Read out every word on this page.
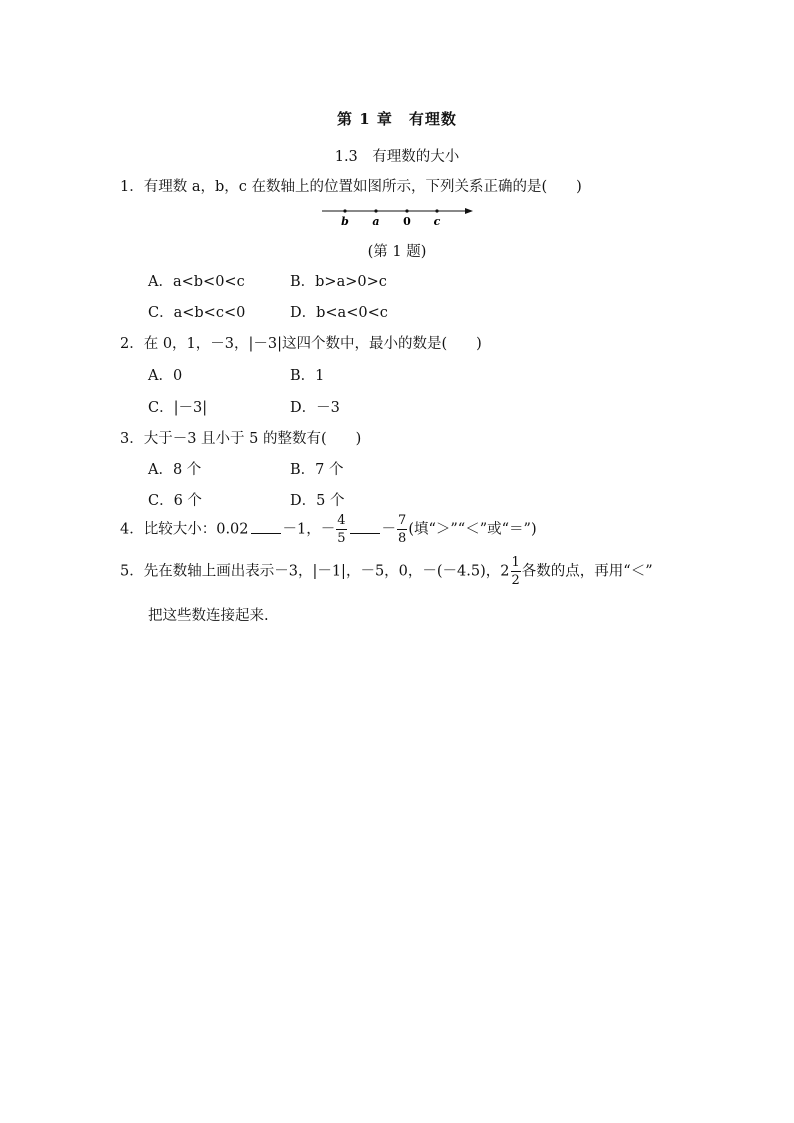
第 1 章　有理数
1.3　有理数的大小
1．有理数 a，b，c 在数轴上的位置如图所示，下列关系正确的是(　　)
b a 0 c
(第 1 题)
A．a<b<0<c	B．b>a>0>c
C．a<b<c<0	D．b<a<0<c
2．在 0，1，－3，|－3|这四个数中，最小的数是(　　)
A．0	B．1
C．|－3|	D．－3
3．大于－3 且小于 5 的整数有(　　)
A．8 个	B．7 个
C．6 个	D．5 个
4．比较大小：0.02 －1，－ $\frac{4}{5} - \frac{7}{8}$ (填“＞”“＜”或“＝”)
5．先在数轴上画出表示－3，|－1|，－5，0，－(－4.5)，$2 \frac{1}{2}$ 各数的点，再用“＜”
把这些数连接起来.
